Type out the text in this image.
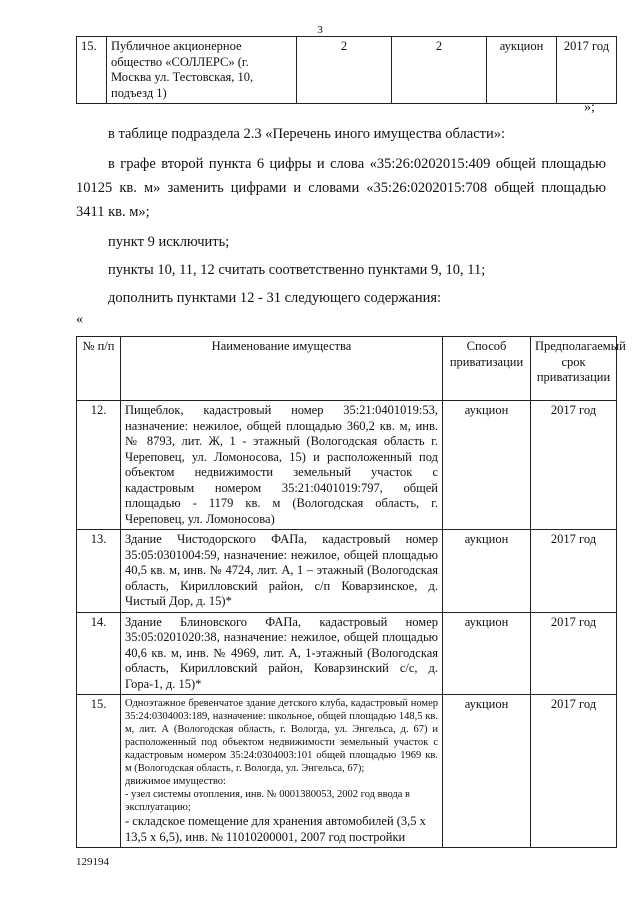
3
15.	Публичное акционерное общество «СОЛЛЕРС» (г. Москва ул. Тестовская, 10, подъезд 1)	2	2	аукцион	2017 год
»;
в таблице подраздела 2.3 «Перечень иного имущества области»:
в графе второй пункта 6 цифры и слова «35:26:0202015:409 общей площадью 10125 кв. м» заменить цифрами и словами «35:26:0202015:708 общей площадью 3411 кв. м»;
пункт 9 исключить;
пункты 10, 11, 12 считать соответственно пунктами 9, 10, 11;
дополнить пунктами 12 - 31 следующего содержания:
«
№ п/п	Наименование имущества	Способ приватизации	Предполагаемый срок приватизации
12.	Пищеблок, кадастровый номер 35:21:0401019:53, назначение: нежилое, общей площадью 360,2 кв. м, инв. № 8793, лит. Ж, 1 - этажный (Вологодская область г. Череповец, ул. Ломоносова, 15) и расположенный под объектом недвижимости земельный участок с кадастровым номером 35:21:0401019:797, общей площадью - 1179 кв. м (Вологодская область, г. Череповец, ул. Ломоносова)	аукцион	2017 год
13.	Здание Чистодорского ФАПа, кадастровый номер 35:05:0301004:59, назначение: нежилое, общей площадью 40,5 кв. м, инв. № 4724, лит. А, 1 – этажный (Вологодская область, Кирилловский район, с/п Коварзинское, д. Чистый Дор, д. 15)*	аукцион	2017 год
14.	Здание Блиновского ФАПа, кадастровый номер 35:05:0201020:38, назначение: нежилое, общей площадью 40,6 кв. м, инв. № 4969, лит. А, 1-этажный (Вологодская область, Кирилловский район, Коварзинский с/с, д. Гора-1, д. 15)*	аукцион	2017 год
15.	Одноэтажное бревенчатое здание детского клуба, кадастровый номер 35:24:0304003:189, назначение: школьное, общей площадью 148,5 кв. м, лит. А (Вологодская область, г. Вологда, ул. Энгельса, д. 67) и расположенный под объектом недвижимости земельный участок с кадастровым номером 35:24:0304003:101 общей площадью 1969 кв. м (Вологодская область, г. Вологда, ул. Энгельса, 67);
движимое имущество:
- узел системы отопления, инв. № 0001380053, 2002 год ввода в эксплуатацию;
- складское помещение для хранения автомобилей (3,5 х 13,5 х 6,5), инв. № 11010200001, 2007 год постройки	аукцион	2017 год
129194
